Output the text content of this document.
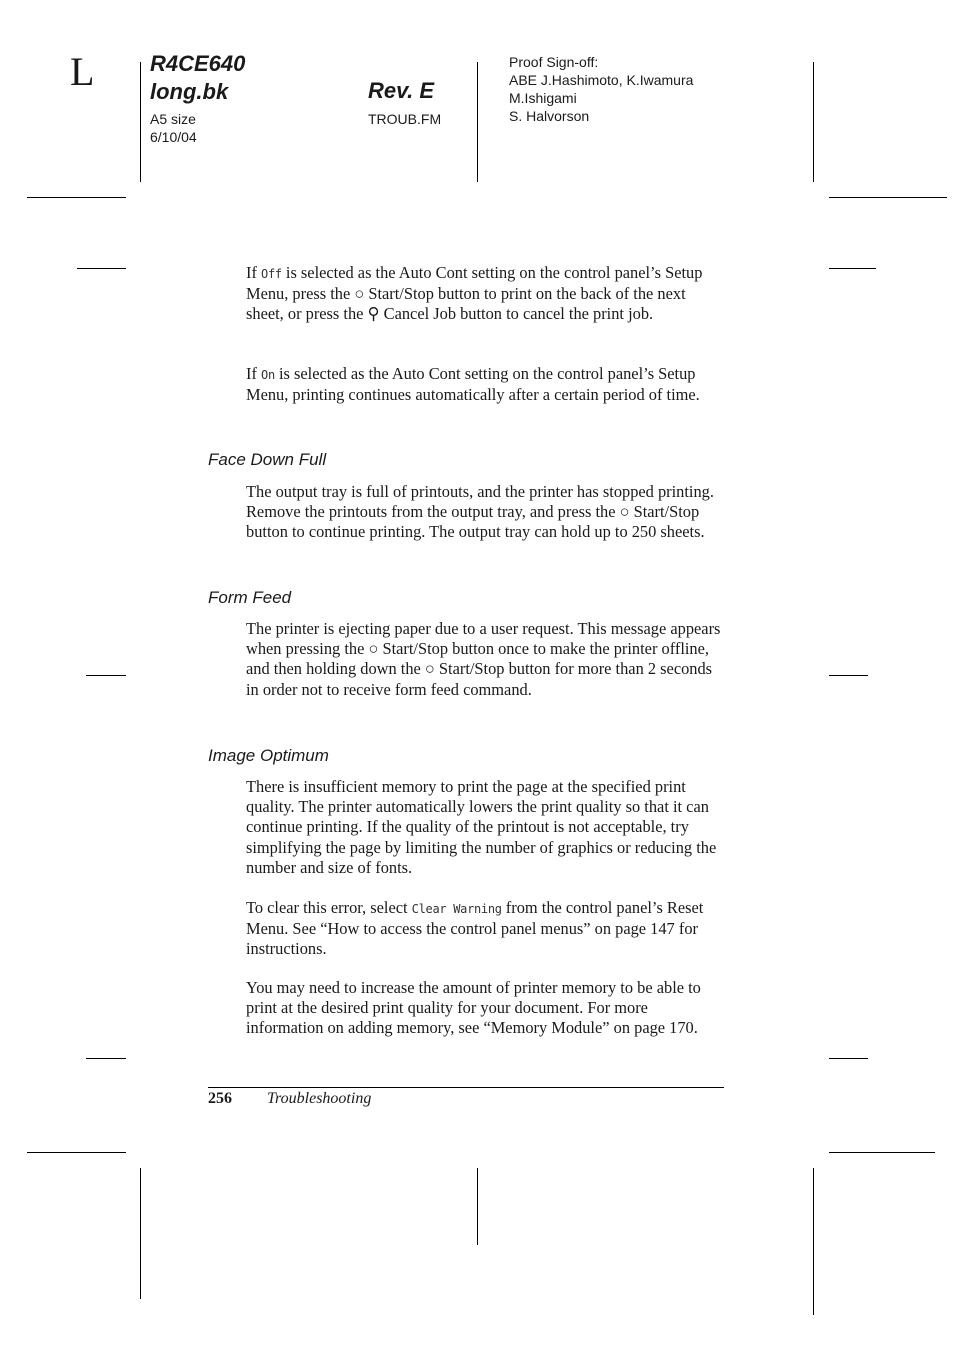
L	R4CE640
long.bk
A5 size
6/10/04
Rev. E
TROUB.FM
Proof Sign-off:
ABE J.Hashimoto, K.Iwamura
M.Ishigami
S. Halvorson

If Off is selected as the Auto Cont setting on the control panel’s Setup Menu, press the ○ Start/Stop button to print on the back of the next sheet, or press the ⚲ Cancel Job button to cancel the print job.

If On is selected as the Auto Cont setting on the control panel’s Setup Menu, printing continues automatically after a certain period of time.

Face Down Full

The output tray is full of printouts, and the printer has stopped printing. Remove the printouts from the output tray, and press the ○ Start/Stop button to continue printing. The output tray can hold up to 250 sheets.

Form Feed

The printer is ejecting paper due to a user request. This message appears when pressing the ○ Start/Stop button once to make the printer offline, and then holding down the ○ Start/Stop button for more than 2 seconds in order not to receive form feed command.

Image Optimum

There is insufficient memory to print the page at the specified print quality. The printer automatically lowers the print quality so that it can continue printing. If the quality of the printout is not acceptable, try simplifying the page by limiting the number of graphics or reducing the number and size of fonts.

To clear this error, select Clear Warning from the control panel’s Reset Menu. See “How to access the control panel menus” on page 147 for instructions.

You may need to increase the amount of printer memory to be able to print at the desired print quality for your document. For more information on adding memory, see “Memory Module” on page 170.

256 Troubleshooting
